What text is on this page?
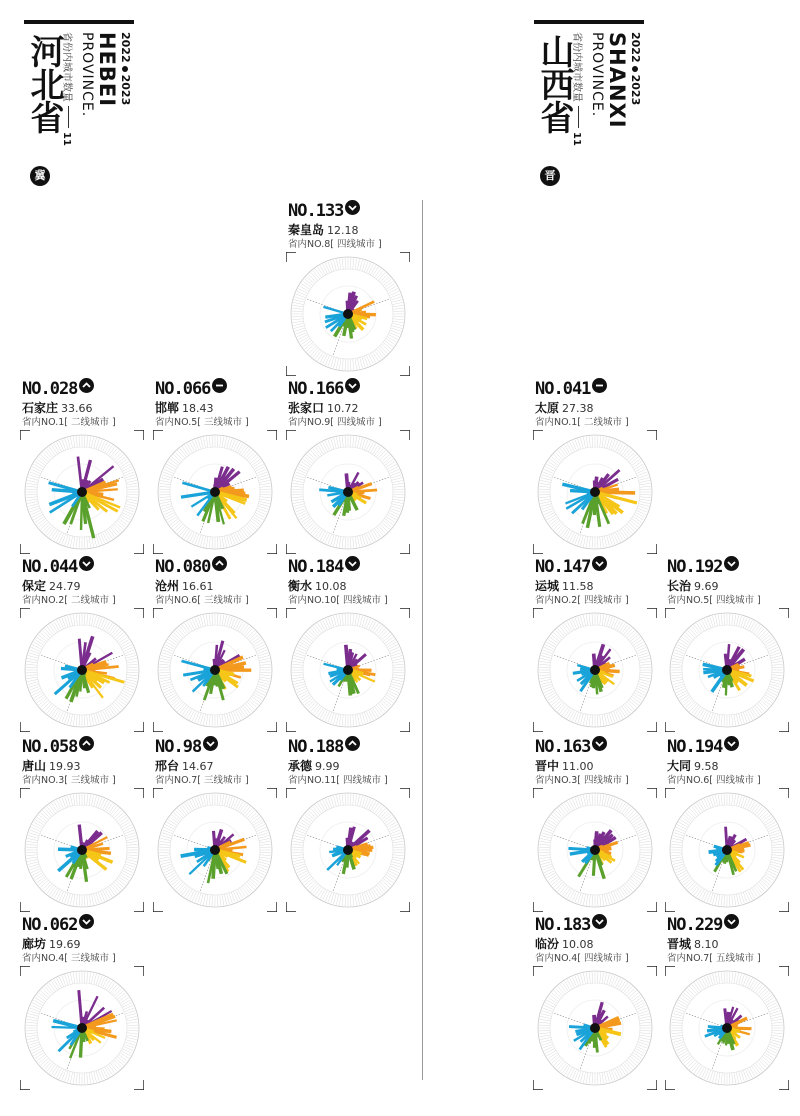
河北省
冀
20222023
HEBEI
PROVINCE.
省份内城市数量11
山西省
晋
20222023
SHANXI
PROVINCE.
省份内城市数量11
NO.133
秦皇岛 12.18
省内NO.8[ 四线城市 ]
NO.028
石家庄 33.66
省内NO.1[ 二线城市 ]
NO.066
邯郸 18.43
省内NO.5[ 三线城市 ]
NO.166
张家口 10.72
省内NO.9[ 四线城市 ]
NO.044
保定 24.79
省内NO.2[ 二线城市 ]
NO.080
沧州 16.61
省内NO.6[ 三线城市 ]
NO.184
衡水 10.08
省内NO.10[ 四线城市 ]
NO.058
唐山 19.93
省内NO.3[ 三线城市 ]
NO.98
邢台 14.67
省内NO.7[ 三线城市 ]
NO.188
承德 9.99
省内NO.11[ 四线城市 ]
NO.062
廊坊 19.69
省内NO.4[ 三线城市 ]
NO.041
太原 27.38
省内NO.1[ 二线城市 ]
NO.147
运城 11.58
省内NO.2[ 四线城市 ]
NO.192
长治 9.69
省内NO.5[ 四线城市 ]
NO.163
晋中 11.00
省内NO.3[ 四线城市 ]
NO.194
大同 9.58
省内NO.6[ 四线城市 ]
NO.183
临汾 10.08
省内NO.4[ 四线城市 ]
NO.229
晋城 8.10
省内NO.7[ 五线城市 ]
